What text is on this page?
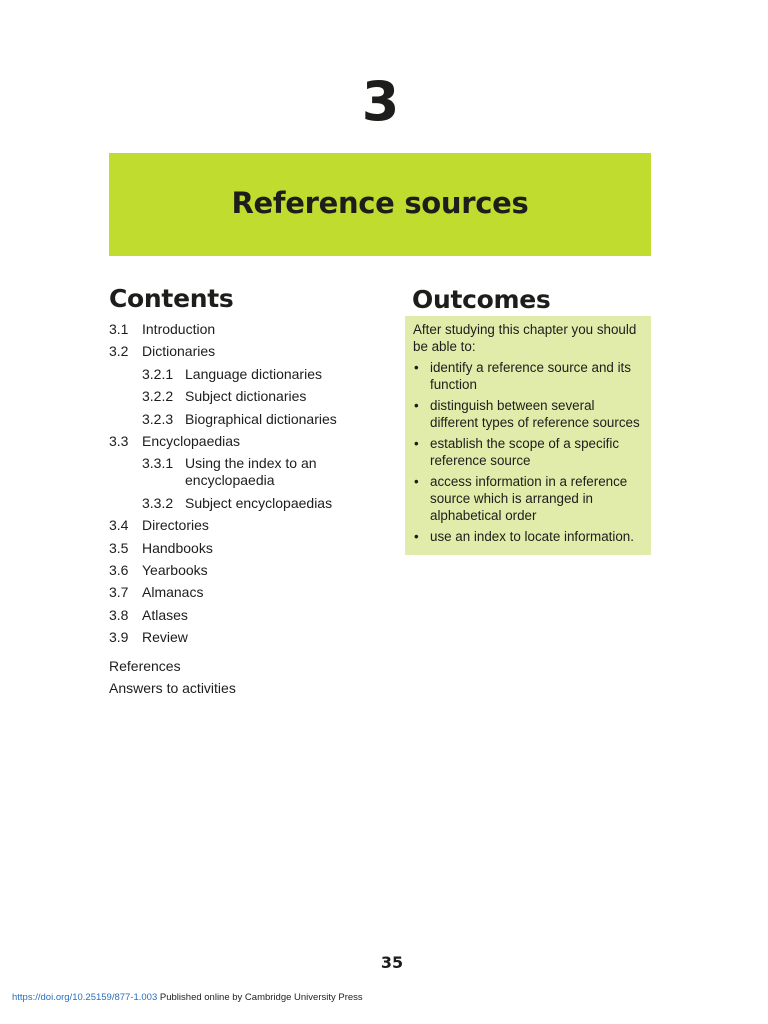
3
Reference sources
Contents	Outcomes
3.1 Introduction
3.2 Dictionaries
3.2.1 Language dictionaries
3.2.2 Subject dictionaries
3.2.3 Biographical dictionaries
3.3 Encyclopaedias
3.3.1 Using the index to an encyclopaedia
3.3.2 Subject encyclopaedias
3.4 Directories
3.5 Handbooks
3.6 Yearbooks
3.7 Almanacs
3.8 Atlases
3.9 Review
References
Answers to activities

After studying this chapter you should be able to:

• identify a reference source and its function
• distinguish between several different types of reference sources
• establish the scope of a specific reference source
• access information in a reference source which is arranged in alphabetical order
• use an index to locate information.
35
https://doi.org/10.25159/877-1.003 Published online by Cambridge University Press
